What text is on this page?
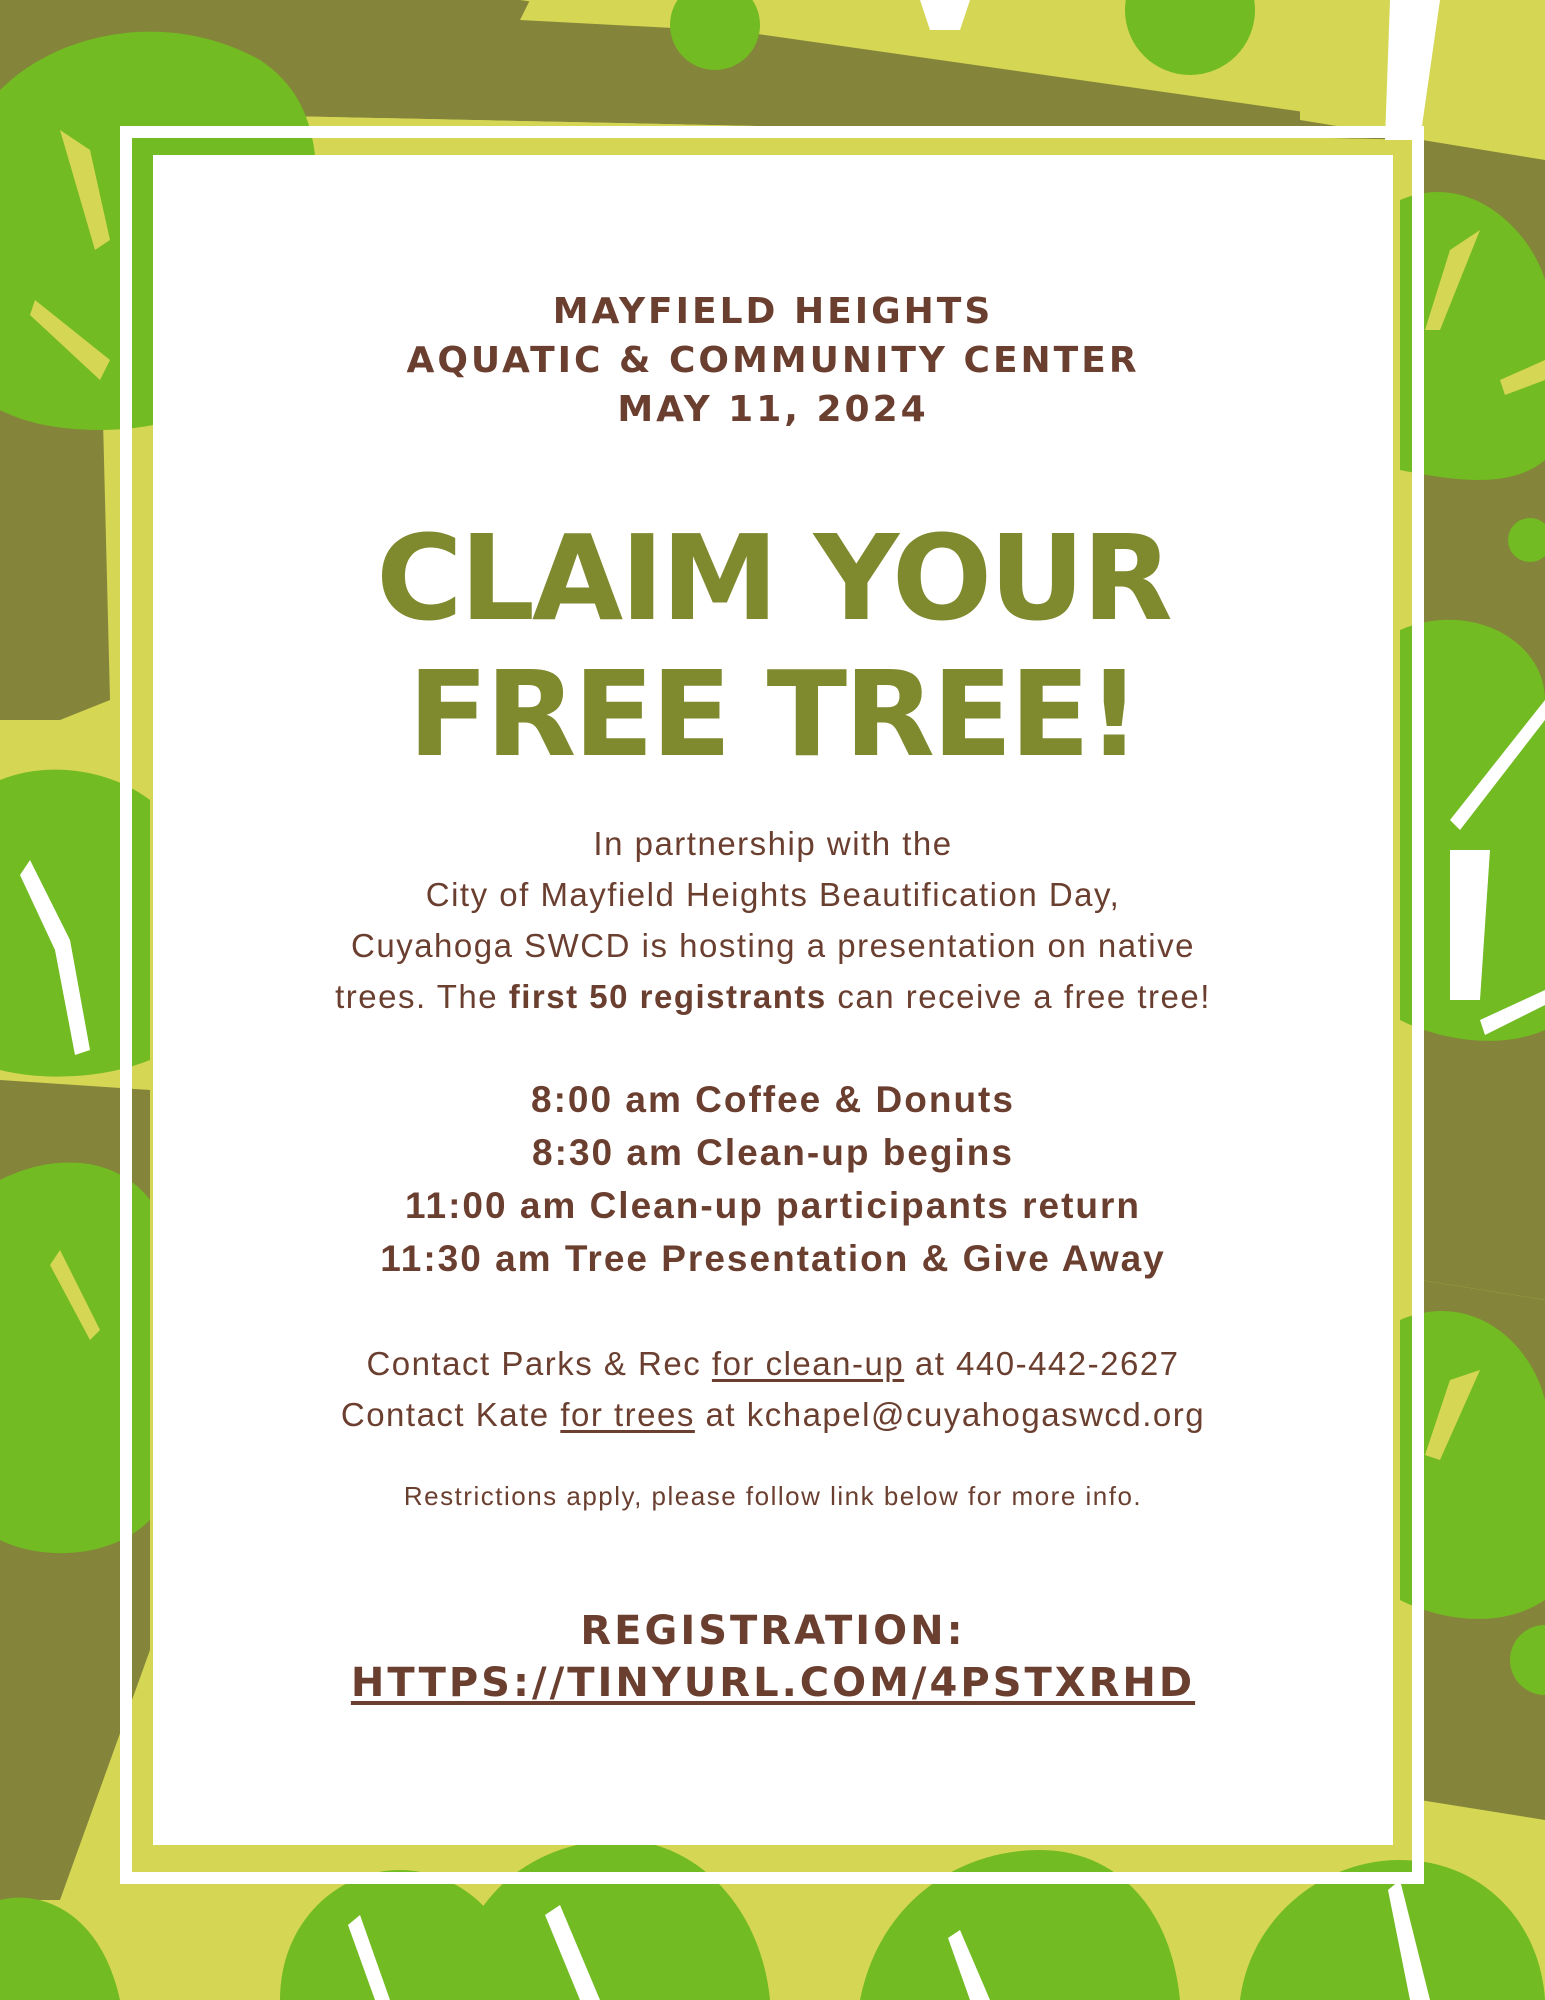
MAYFIELD HEIGHTS
AQUATIC & COMMUNITY CENTER
MAY 11, 2024
CLAIM YOUR
FREE TREE!
In partnership with the
City of Mayfield Heights Beautification Day,
Cuyahoga SWCD is hosting a presentation on native
trees. The first 50 registrants can receive a free tree!
8:00 am Coffee & Donuts
8:30 am Clean-up begins
11:00 am Clean-up participants return
11:30 am Tree Presentation & Give Away
Contact Parks & Rec for clean-up at 440-442-2627
Contact Kate for trees at kchapel@cuyahogaswcd.org
Restrictions apply, please follow link below for more info.
REGISTRATION:
HTTPS://TINYURL.COM/4PSTXRHD
